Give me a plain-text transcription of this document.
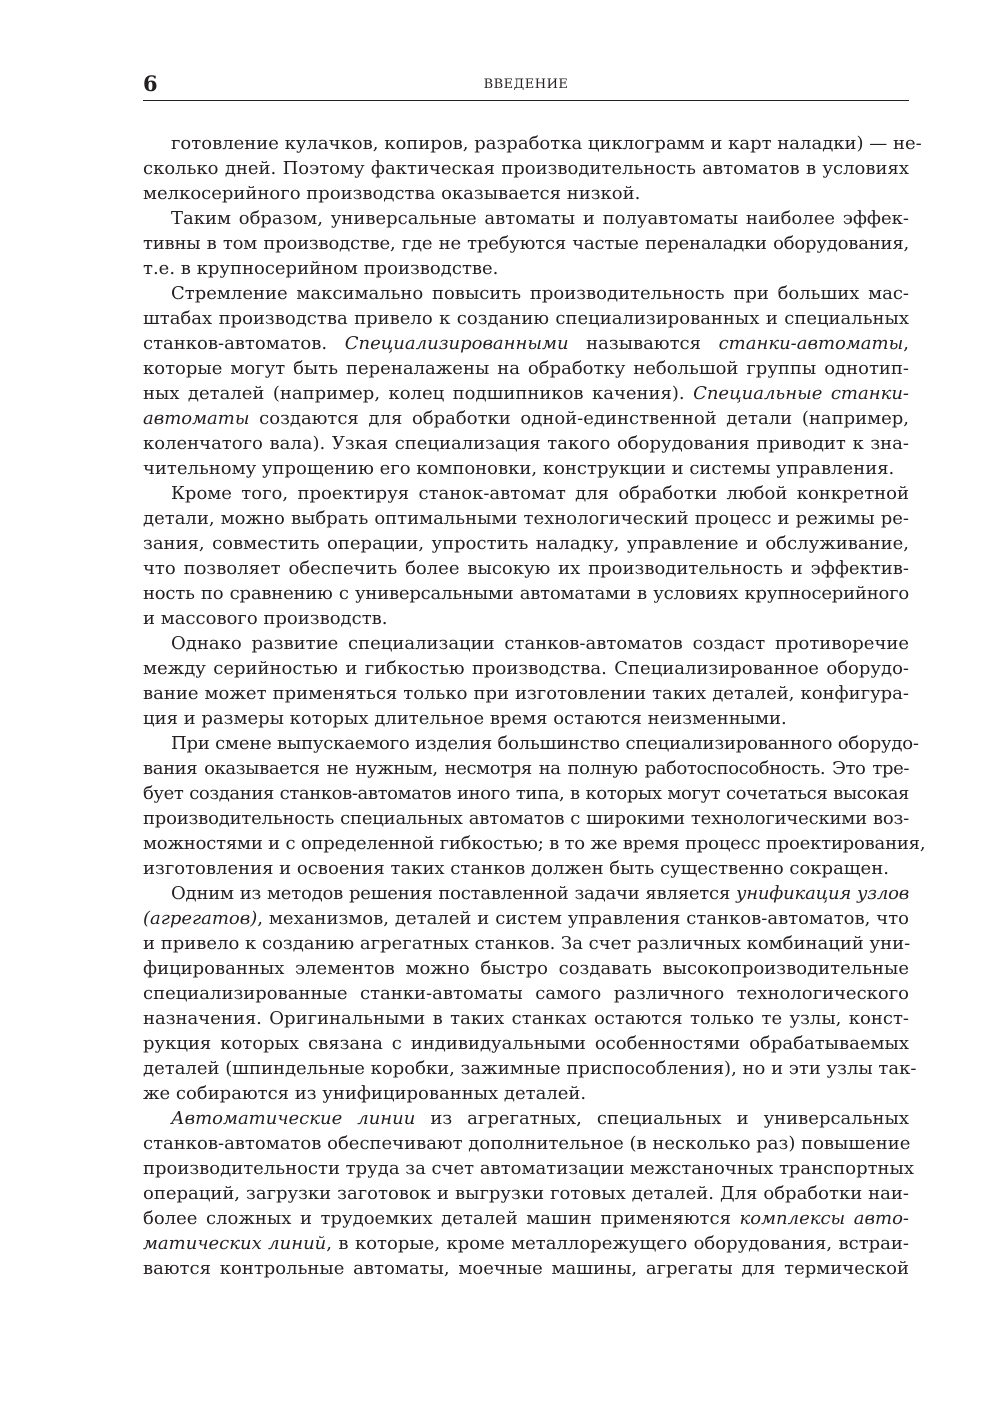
6	ВВЕДЕНИЕ
готовление кулачков, копиров, разработка циклограмм и карт наладки) — не-
сколько дней. Поэтому фактическая производительность автоматов в условиях
мелкосерийного производства оказывается низкой.
Таким образом, универсальные автоматы и полуавтоматы наиболее эффек-
тивны в том производстве, где не требуются частые переналадки оборудования,
т.е. в крупносерийном производстве.
Стремление максимально повысить производительность при больших мас-
штабах производства привело к созданию специализированных и специальных
станков-автоматов. Специализированными называются станки-автоматы,
которые могут быть переналажены на обработку небольшой группы однотип-
ных деталей (например, колец подшипников качения). Специальные станки-
автоматы создаются для обработки одной-единственной детали (например,
коленчатого вала). Узкая специализация такого оборудования приводит к зна-
чительному упрощению его компоновки, конструкции и системы управления.
Кроме того, проектируя станок-автомат для обработки любой конкретной
детали, можно выбрать оптимальными технологический процесс и режимы ре-
зания, совместить операции, упростить наладку, управление и обслуживание,
что позволяет обеспечить более высокую их производительность и эффектив-
ность по сравнению с универсальными автоматами в условиях крупносерийного
и массового производств.
Однако развитие специализации станков-автоматов создаст противоречие
между серийностью и гибкостью производства. Специализированное оборудо-
вание может применяться только при изготовлении таких деталей, конфигура-
ция и размеры которых длительное время остаются неизменными.
При смене выпускаемого изделия большинство специализированного оборудо-
вания оказывается не нужным, несмотря на полную работоспособность. Это тре-
бует создания станков-автоматов иного типа, в которых могут сочетаться высокая
производительность специальных автоматов с широкими технологическими воз-
можностями и с определенной гибкостью; в то же время процесс проектирования,
изготовления и освоения таких станков должен быть существенно сокращен.
Одним из методов решения поставленной задачи является унификация узлов
(агрегатов), механизмов, деталей и систем управления станков-автоматов, что
и привело к созданию агрегатных станков. За счет различных комбинаций уни-
фицированных элементов можно быстро создавать высокопроизводительные
специализированные станки-автоматы самого различного технологического
назначения. Оригинальными в таких станках остаются только те узлы, конст-
рукция которых связана с индивидуальными особенностями обрабатываемых
деталей (шпиндельные коробки, зажимные приспособления), но и эти узлы так-
же собираются из унифицированных деталей.
Автоматические линии из агрегатных, специальных и универсальных
станков-автоматов обеспечивают дополнительное (в несколько раз) повышение
производительности труда за счет автоматизации межстаночных транспортных
операций, загрузки заготовок и выгрузки готовых деталей. Для обработки наи-
более сложных и трудоемких деталей машин применяются комплексы авто-
матических линий, в которые, кроме металлорежущего оборудования, встраи-
ваются контрольные автоматы, моечные машины, агрегаты для термической
